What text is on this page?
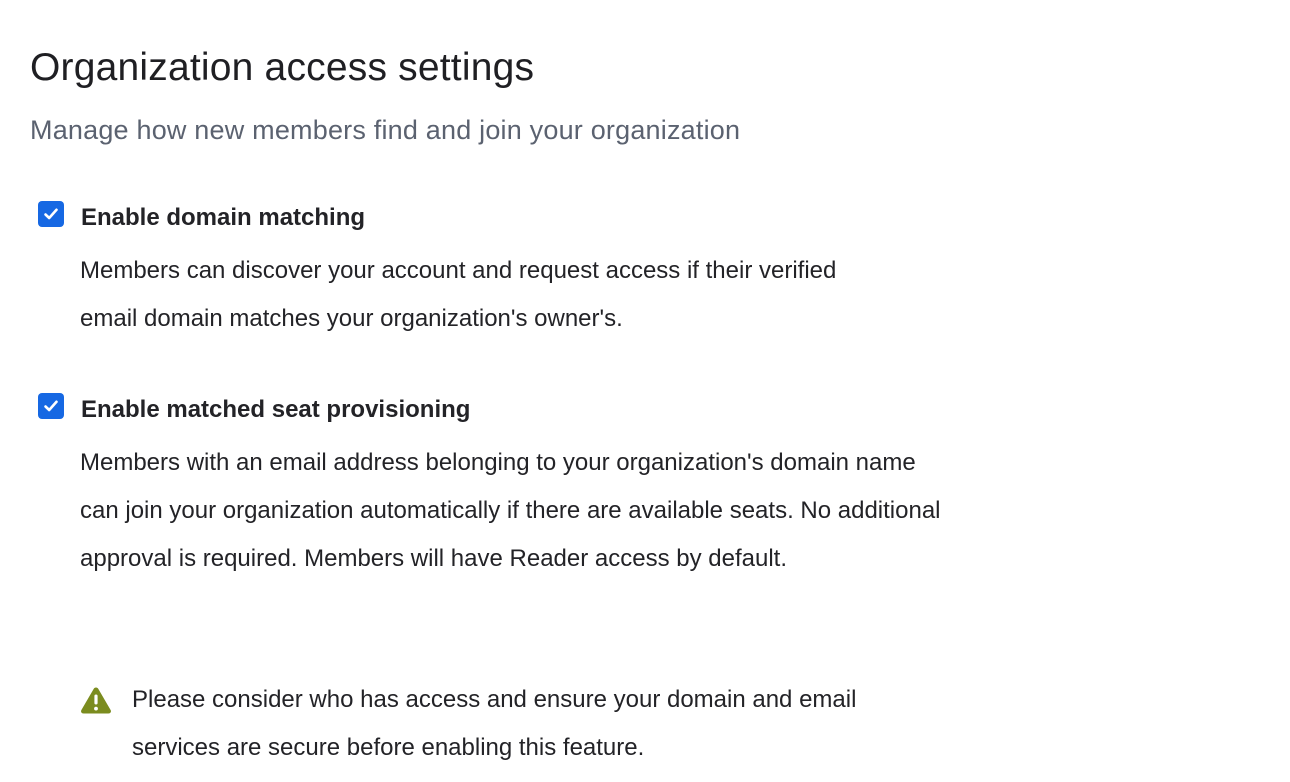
Organization access settings

Manage how new members find and join your organization

Enable domain matching

Members can discover your account and request access if their verified email domain matches your organization's owner's.

Enable matched seat provisioning

Members with an email address belonging to your organization's domain name can join your organization automatically if there are available seats. No additional approval is required. Members will have Reader access by default.

Please consider who has access and ensure your domain and email services are secure before enabling this feature.
